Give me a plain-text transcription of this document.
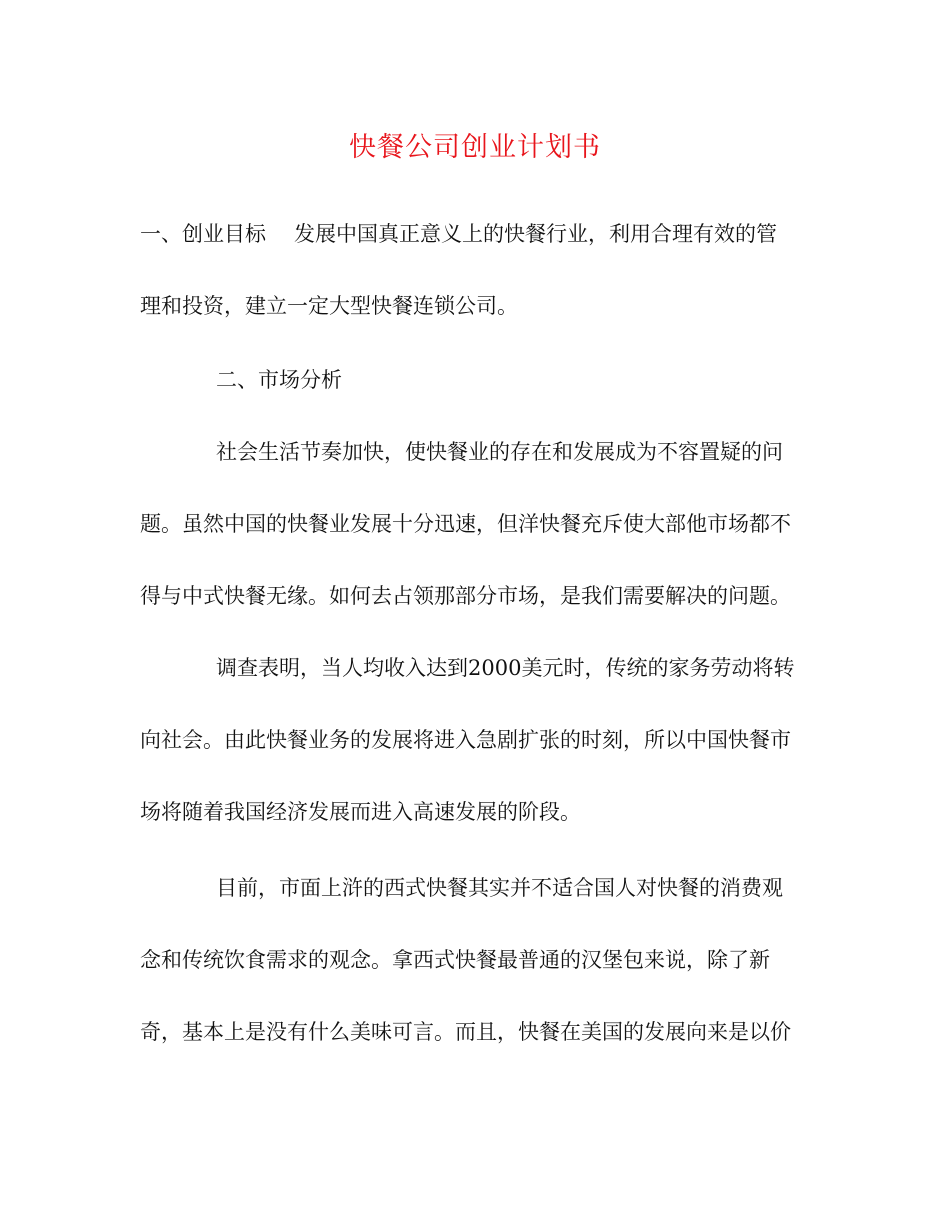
快餐公司创业计划书
一、创业目标 发展中国真正意义上的快餐行业，利用合理有效的管
理和投资，建立一定大型快餐连锁公司。
二、市场分析
社会生活节奏加快，使快餐业的存在和发展成为不容置疑的问
题。虽然中国的快餐业发展十分迅速，但洋快餐充斥使大部他市场都不
得与中式快餐无缘。如何去占领那部分市场，是我们需要解决的问题。
调查表明，当人均收入达到2000美元时，传统的家务劳动将转
向社会。由此快餐业务的发展将进入急剧扩张的时刻，所以中国快餐市
场将随着我国经济发展而进入高速发展的阶段。
目前，市面上浒的西式快餐其实并不适合国人对快餐的消费观
念和传统饮食需求的观念。拿西式快餐最普通的汉堡包来说，除了新
奇，基本上是没有什么美味可言。而且，快餐在美国的发展向来是以价
